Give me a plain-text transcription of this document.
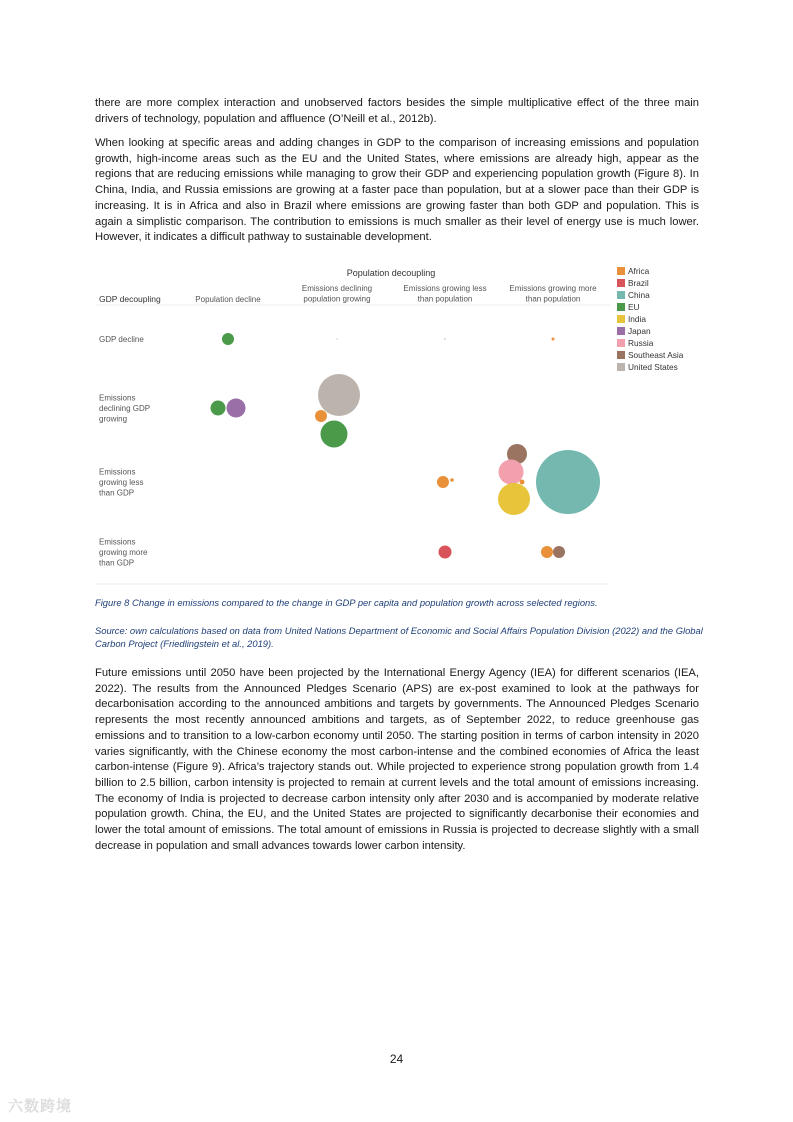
there are more complex interaction and unobserved factors besides the simple multiplicative effect of the three main drivers of technology, population and affluence (O’Neill et al., 2012b).

When looking at specific areas and adding changes in GDP to the comparison of increasing emissions and population growth, high-income areas such as the EU and the United States, where emissions are already high, appear as the regions that are reducing emissions while managing to grow their GDP and experiencing population growth (Figure 8). In China, India, and Russia emissions are growing at a faster pace than population, but at a slower pace than their GDP is increasing. It is in Africa and also in Brazil where emissions are growing faster than both GDP and population. This is again a simplistic comparison. The contribution to emissions is much smaller as their level of energy use is much lower. However, it indicates a difficult pathway to sustainable development.

Population decoupling
GDP decoupling	Population decline
Emissions declining population growing
Emissions growing less than population
Emissions growing more than population
GDP decline
Emissions declining GDP growing
Emissions growing less than GDP
Emissions growing more than GDP
Africa
Brazil
China
EU
India
Japan
Russia
Southeast Asia
United States

Figure 8 Change in emissions compared to the change in GDP per capita and population growth across selected regions.

Source: own calculations based on data from United Nations Department of Economic and Social Affairs Population Division (2022) and the Global Carbon Project (Friedlingstein et al., 2019).

Future emissions until 2050 have been projected by the International Energy Agency (IEA) for different scenarios (IEA, 2022). The results from the Announced Pledges Scenario (APS) are ex-post examined to look at the pathways for decarbonisation according to the announced ambitions and targets by governments. The Announced Pledges Scenario represents the most recently announced ambitions and targets, as of September 2022, to reduce greenhouse gas emissions and to transition to a low-carbon economy until 2050. The starting position in terms of carbon intensity in 2020 varies significantly, with the Chinese economy the most carbon-intense and the combined economies of Africa the least carbon-intense (Figure 9). Africa’s trajectory stands out. While projected to experience strong population growth from 1.4 billion to 2.5 billion, carbon intensity is projected to remain at current levels and the total amount of emissions increasing. The economy of India is projected to decrease carbon intensity only after 2030 and is accompanied by moderate relative population growth. China, the EU, and the United States are projected to significantly decarbonise their economies and lower the total amount of emissions. The total amount of emissions in Russia is projected to decrease slightly with a small decrease in population and small advances towards lower carbon intensity.

24
六数跨境
